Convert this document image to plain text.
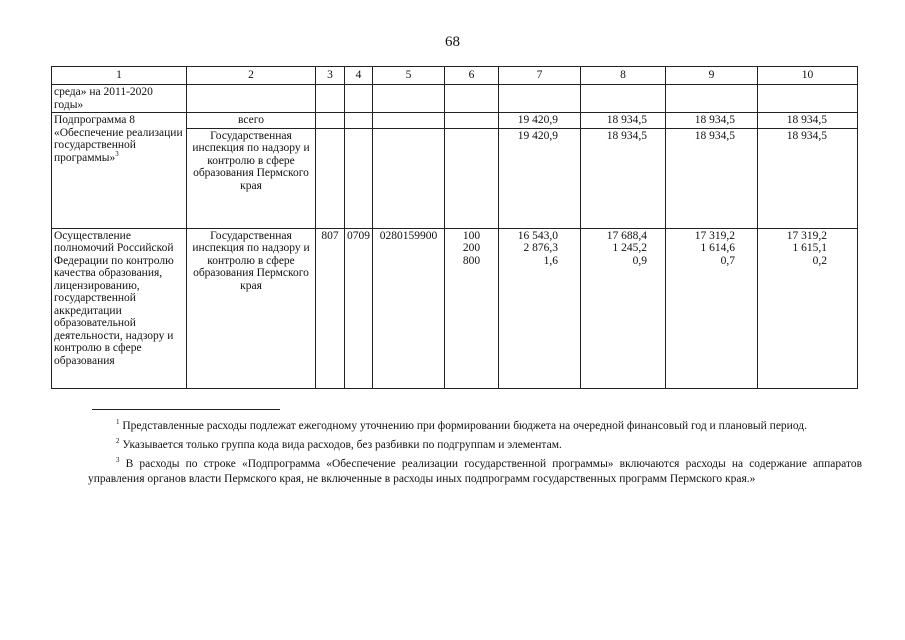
68
1	2	3	4	5	6	7	8	9	10
среда» на 2011-2020 годы»									
Подпрограмма 8 «Обеспечение реализации государственной программы»$^3$	всего					19 420,9	18 934,5	18 934,5	18 934,5
	Государственная инспекция по надзору и контролю в сфере образования Пермского края					19 420,9	18 934,5	18 934,5	18 934,5
Осуществление полномочий Российской Федерации по контролю качества образования, лицензированию, государственной аккредитации образовательной деятельности, надзору и контролю в сфере образования	Государственная инспекция по надзору и контролю в сфере образования Пермского края	807	0709	0280159900	100
200
800	16 543,0
2 876,3
1,6	17 688,4
1 245,2
0,9	17 319,2
1 614,6
0,7	17 319,2
1 615,1
0,2

$^1$ Представленные расходы подлежат ежегодному уточнению при формировании бюджета на очередной финансовый год и плановый период.

$^2$ Указывается только группа кода вида расходов, без разбивки по подгруппам и элементам.

$^3$ В расходы по строке «Подпрограмма «Обеспечение реализации государственной программы» включаются расходы на содержание аппаратов управления органов власти Пермского края, не включенные в расходы иных подпрограмм государственных программ Пермского края.»
